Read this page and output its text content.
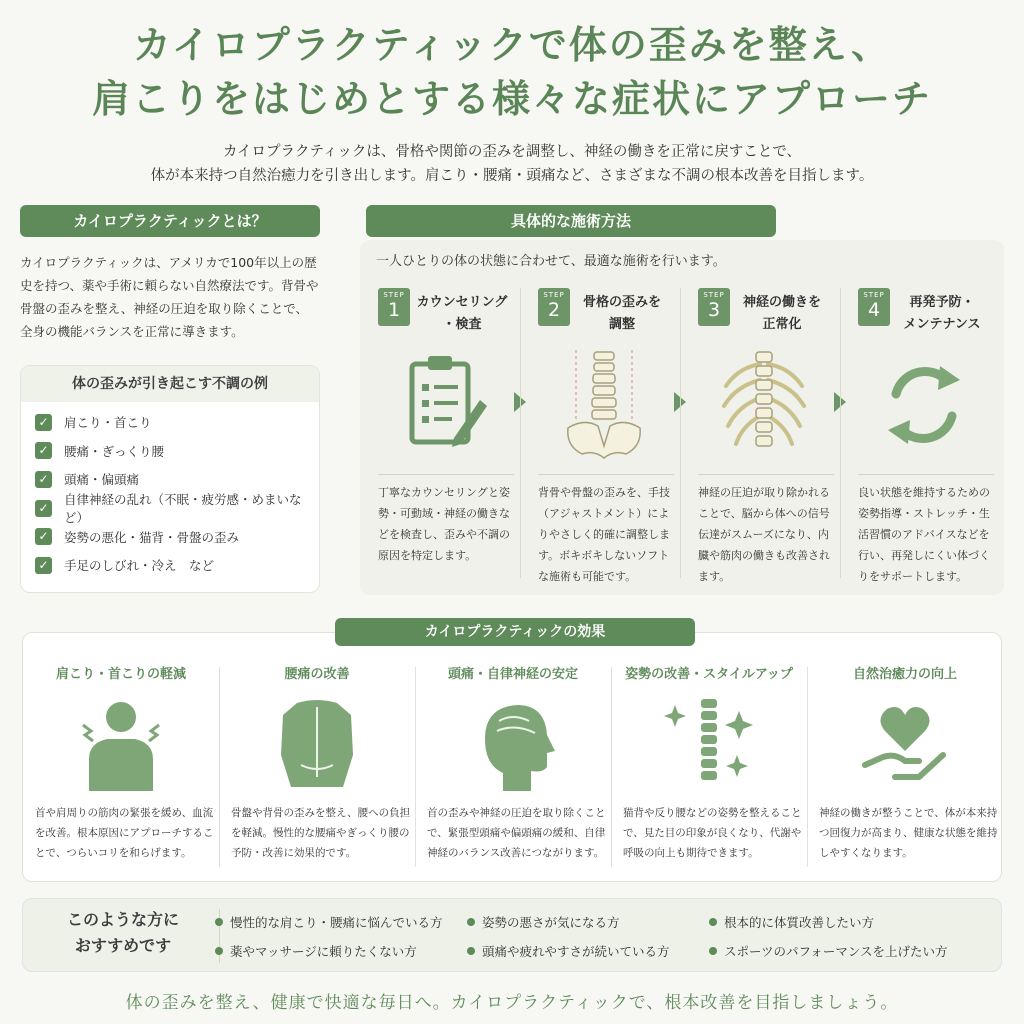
カイロプラクティックで体の歪みを整え、
肩こりをはじめとする様々な症状にアプローチ
カイロプラクティックは、骨格や関節の歪みを調整し、神経の働きを正常に戻すことで、
体が本来持つ自然治癒力を引き出します。肩こり・腰痛・頭痛など、さまざまな不調の根本改善を目指します。
カイロプラクティックとは？

カイロプラクティックは、アメリカで100年以上の歴史を持つ、薬や手術に頼らない自然療法です。背骨や骨盤の歪みを整え、神経の圧迫を取り除くことで、全身の機能バランスを正常に導きます。

体の歪みが引き起こす不調の例
✓ 肩こり・首こり
✓ 腰痛・ぎっくり腰
✓ 頭痛・偏頭痛
✓
自律神経の乱れ（不眠・疲労感・めまいなど）
✓ 姿勢の悪化・猫背・骨盤の歪み
✓ 手足のしびれ・冷え　など
具体的な施術方法
一人ひとりの体の状態に合わせて、最適な施術を行います。
STEP
1	カウンセリング
・検査

丁寧なカウンセリングと姿勢・可動域・神経の働きなどを検査し、歪みや不調の原因を特定します。

STEP
2	骨格の歪みを
調整

背骨や骨盤の歪みを、手技（アジャストメント）によりやさしく的確に調整します。ボキボキしないソフトな施術も可能です。

STEP
3	神経の働きを
正常化

神経の圧迫が取り除かれることで、脳から体への信号伝達がスムーズになり、内臓や筋肉の働きも改善されます。

STEP
4	再発予防・
メンテナンス

良い状態を維持するための姿勢指導・ストレッチ・生活習慣のアドバイスなどを行い、再発しにくい体づくりをサポートします。

肩こり・首こりの軽減

首や肩周りの筋肉の緊張を緩め、血流を改善。根本原因にアプローチすることで、つらいコリを和らげます。

腰痛の改善

骨盤や背骨の歪みを整え、腰への負担を軽減。慢性的な腰痛やぎっくり腰の予防・改善に効果的です。

頭痛・自律神経の安定

首の歪みや神経の圧迫を取り除くことで、緊張型頭痛や偏頭痛の緩和、自律神経のバランス改善につながります。

姿勢の改善・スタイルアップ

猫背や反り腰などの姿勢を整えることで、見た目の印象が良くなり、代謝や呼吸の向上も期待できます。

自然治癒力の向上

神経の働きが整うことで、体が本来持つ回復力が高まり、健康な状態を維持しやすくなります。

カイロプラクティックの効果
このような方に
おすすめです
慢性的な肩こり・腰痛に悩んでいる方	姿勢の悪さが気になる方	根本的に体質改善したい方
薬やマッサージに頼りたくない方	頭痛や疲れやすさが続いている方	スポーツのパフォーマンスを上げたい方
体の歪みを整え、健康で快適な毎日へ。カイロプラクティックで、根本改善を目指しましょう。
